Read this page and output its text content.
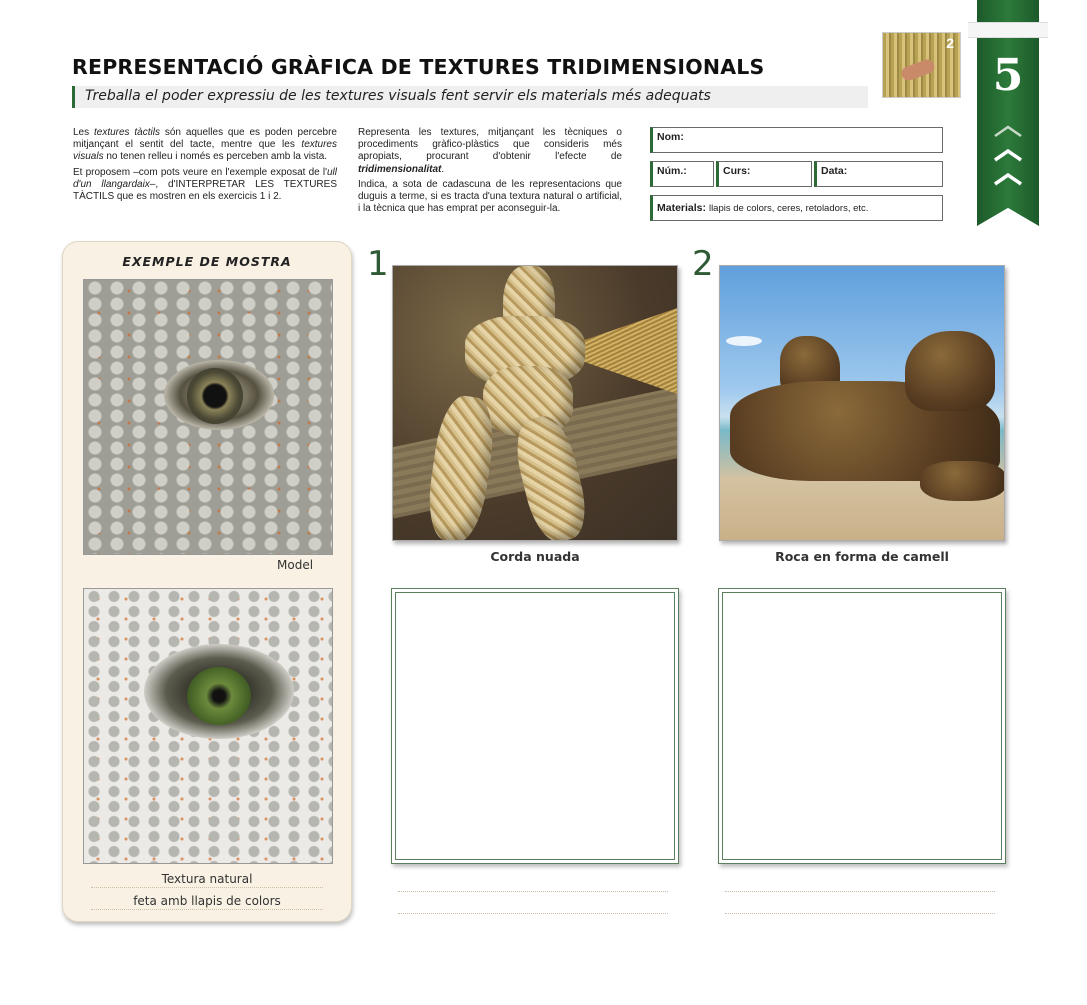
REPRESENTACIÓ GRÀFICA DE TEXTURES TRIDIMENSIONALS
Treballa el poder expressiu de les textures visuals fent servir els materials més adequats
2
5

Les textures tàctils són aquelles que es poden percebre mitjançant el sentit del tacte, mentre que les textures visuals no tenen relleu i només es perceben amb la vista.

Et proposem –com pots veure en l'exemple exposat de l'ull d'un llangardaix–, d'INTERPRETAR LES TEXTURES TÀCTILS que es mostren en els exercicis 1 i 2.

Representa les textures, mitjançant les tècniques o procediments gràfico-plàstics que consideris més apropiats, procurant d'obtenir l'efecte de tridimensionalitat.

Indica, a sota de cadascuna de les representacions que duguis a terme, si es tracta d'una textura natural o artificial, i la tècnica que has emprat per aconseguir-la.

Nom:
Núm.:	Curs:	Data:
Materials: llapis de colors, ceres, retoladors, etc.
EXEMPLE DE MOSTRA
Model
Textura natural
feta amb llapis de colors
1
Corda nuada
2
Roca en forma de camell
